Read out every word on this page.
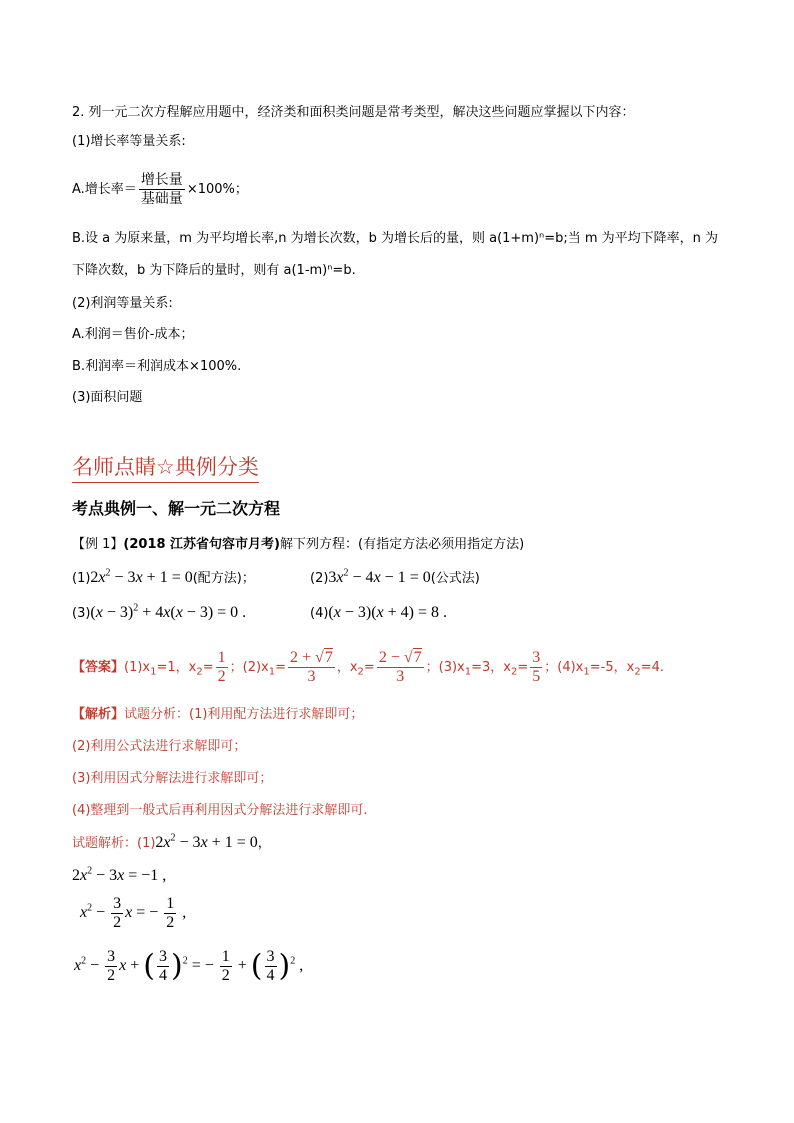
2. 列一元二次方程解应用题中，经济类和面积类问题是常考类型，解决这些问题应掌握以下内容：
(1)增长率等量关系:
A.增长率＝ $\frac{\text{增长量}}{\text{基础量}} \times 100\%$；
B.设 a 为原来量，m 为平均增长率,n 为增长次数，b 为增长后的量，则 a(1+m)ⁿ=b;当 m 为平均下降率，n 为
下降次数，b 为下降后的量时，则有 a(1-m)ⁿ=b.
(2)利润等量关系:
A.利润＝售价-成本；
B.利润率＝利润成本×100%.
(3)面积问题
名师点睛☆典例分类
考点典例一、解一元二次方程
【例 1】(2018 江苏省句容市月考)解下列方程：(有指定方法必须用指定方法)
$(1)2x^2 - 3x + 1 = 0$(配方法)；	$(2)3x^2 - 4x - 1 = 0$(公式法)
$(3)(x - 3)^2 + 4x(x - 3) = 0$ .	(4)(x − 3)(x + 4) = 8 .
【答案】$(1)x_1=1$，$x_2= \frac{1}{2}$ ；$(2)x_1= \frac{2 + √7}{3}$ ，$x_2= \frac{2 - √7}{3}$ ；$(3)x_1=3$，$x_2= \frac{3}{5}$ ；$(4)x_1=-5$，$x_2=4$.
【解析】试题分析：(1)利用配方法进行求解即可；
(2)利用公式法进行求解即可；
(3)利用因式分解法进行求解即可；
(4)整理到一般式后再利用因式分解法进行求解即可.
试题解析：$(1)2x^2 - 3x + 1 = 0$，
$2x^2 - 3x = -1$ ,
$x^2 - \frac{3}{2}$ x = − $\frac{1}{2}$ ,
$x^2 - \frac{3}{2}$ x + ( $\frac{3}{4} )^2$ = − $\frac{1}{2}$ + ( $\frac{3}{4} )^2$ ,
